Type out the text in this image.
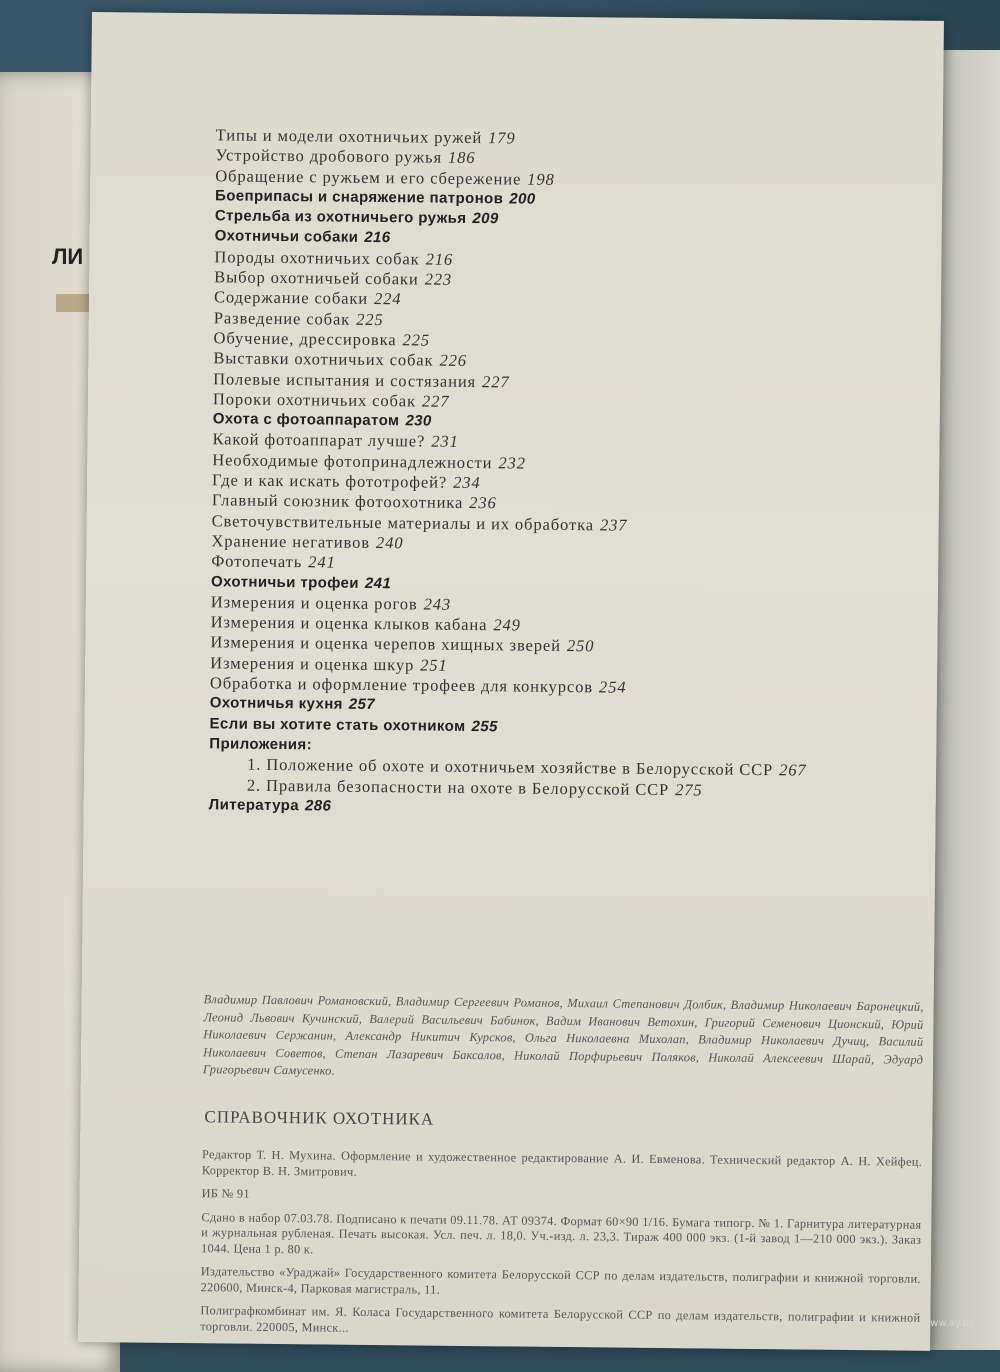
ЛИ
Типы и модели охотничьих ружей 179
Устройство дробового ружья 186
Обращение с ружьем и его сбережение 198
Боеприпасы и снаряжение патронов 200
Стрельба из охотничьего ружья 209
Охотничьи собаки 216
Породы охотничьих собак 216
Выбор охотничьей собаки 223
Содержание собаки 224
Разведение собак 225
Обучение, дрессировка 225
Выставки охотничьих собак 226
Полевые испытания и состязания 227
Пороки охотничьих собак 227
Охота с фотоаппаратом 230
Какой фотоаппарат лучше? 231
Необходимые фотопринадлежности 232
Где и как искать фототрофей? 234
Главный союзник фотоохотника 236
Светочувствительные материалы и их обработка 237
Хранение негативов 240
Фотопечать 241
Охотничьи трофеи 241
Измерения и оценка рогов 243
Измерения и оценка клыков кабана 249
Измерения и оценка черепов хищных зверей 250
Измерения и оценка шкур 251
Обработка и оформление трофеев для конкурсов 254
Охотничья кухня 257
Если вы хотите стать охотником 255
Приложения:
1. Положение об охоте и охотничьем хозяйстве в Белорусской ССР 267
2. Правила безопасности на охоте в Белорусской ССР 275
Литература 286
Владимир Павлович Романовский, Владимир Сергеевич Романов, Михаил Степанович Долбик, Владимир Николаевич Баронецкий, Леонид Львович Кучинский, Валерий Васильевич Бабинок, Вадим Иванович Ветохин, Григорий Семенович Ционский, Юрий Николаевич Сержанин, Александр Никитич Курсков, Ольга Николаевна Михолап, Владимир Николаевич Дучиц, Василий Николаевич Советов, Степан Лазаревич Баксалов, Николай Порфирьевич Поляков, Николай Алексеевич Шарай, Эдуард Григорьевич Самусенко.
СПРАВОЧНИК ОХОТНИКА

Редактор Т. Н. Мухина. Оформление и художественное редактирование А. И. Евменова. Технический редактор А. Н. Хейфец. Корректор В. Н. Змитрович.

ИБ № 91

Сдано в набор 07.03.78. Подписано к печати 09.11.78. АТ 09374. Формат 60×90 1/16. Бумага типогр. № 1. Гарнитура литературная и журнальная рубленая. Печать высокая. Усл. печ. л. 18,0. Уч.-изд. л. 23,3. Тираж 400 000 экз. (1-й завод 1—210 000 экз.). Заказ 1044. Цена 1 р. 80 к.

Издательство «Ураджай» Государственного комитета Белорусской ССР по делам издательств, полиграфии и книжной торговли. 220600, Минск-4, Парковая магистраль, 11.

Полиграфкомбинат им. Я. Коласа Государственного комитета Белорусской ССР по делам издательств, полиграфии и книжной торговли. 220005, Минск...	www.ay.by
